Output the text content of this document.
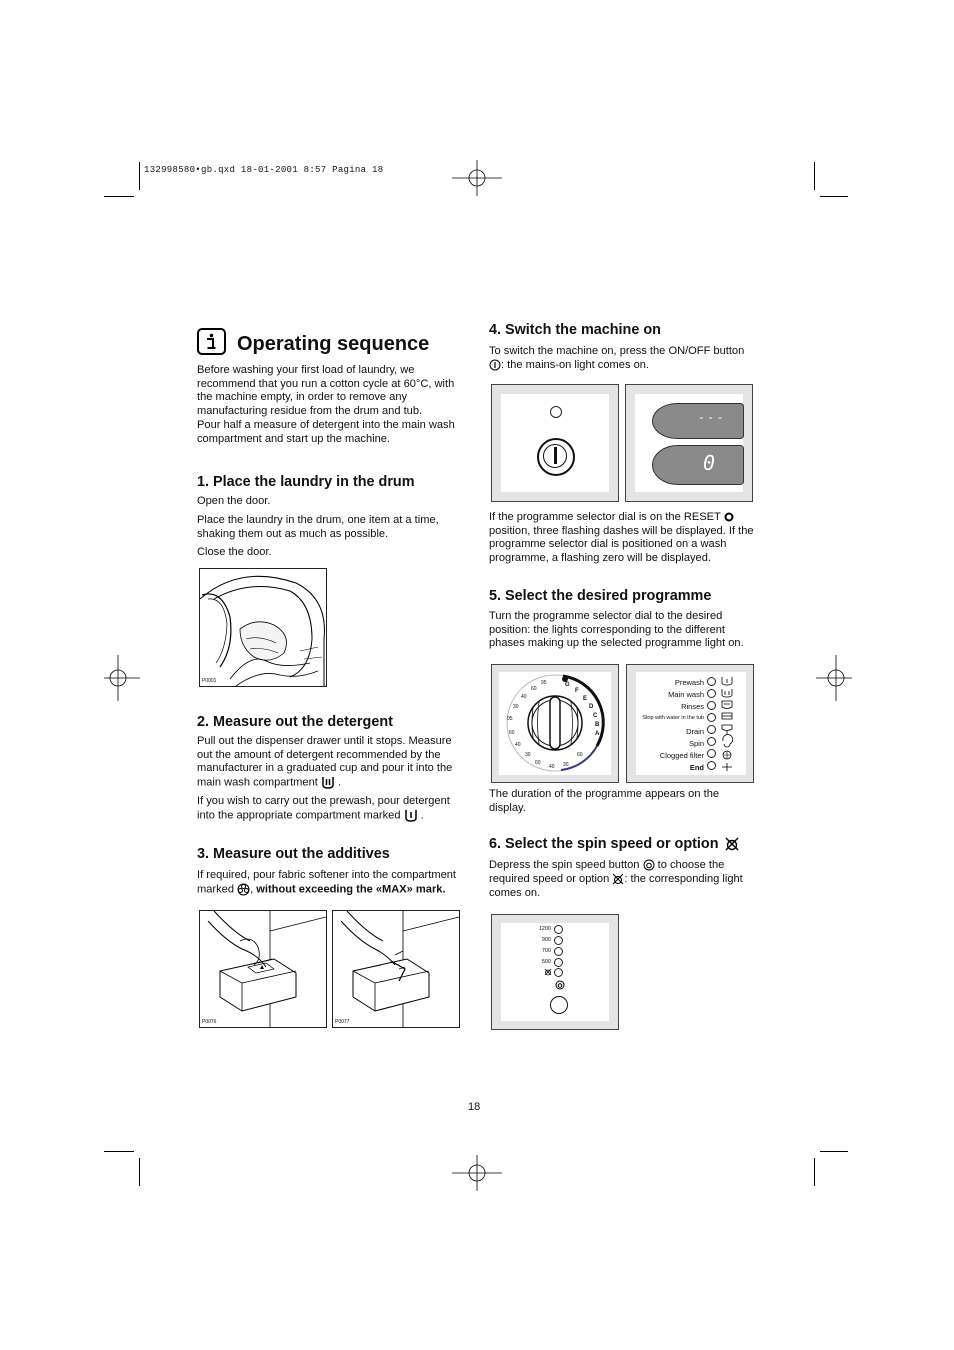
132998580•gb.qxd 18-01-2001 8:57 Pagina 18
Operating sequence

Before washing your first load of laundry, we recommend that you run a cotton cycle at 60°C, with the machine empty, in order to remove any manufacturing residue from the drum and tub.

Pour half a measure of detergent into the main wash compartment and start up the machine.

1. Place the laundry in the drum

Open the door.

Place the laundry in the drum, one item at a time, shaking them out as much as possible.

Close the door.

P0001
2. Measure out the detergent

Pull out the dispenser drawer until it stops. Measure out the amount of detergent recommended by the manufacturer in a graduated cup and pour it into the main wash compartment  .

If you wish to carry out the prewash, pour detergent into the appropriate compartment marked  .

3. Measure out the additives

If required, pour fabric softener into the compartment marked , without exceeding the «MAX» mark.

P0076	P0077
4. Switch the machine on

To switch the machine on, press the ON/OFF button
: the mains-on light comes on.

- - -
0

If the programme selector dial is on the RESET  position, three flashing dashes will be displayed. If the programme selector dial is positioned on a wash programme, a flashing zero will be displayed.

5. Select the desired programme

Turn the programme selector dial to the desired position: the lights corresponding to the different phases making up the selected programme light on.

G
F
E
D
C
B
A
95
60
40
30
95
60
40
30
60
40 30
60
Prewash
Main wash
Rinses
Stop with water in the tub
Drain
Spin
Clogged filter
End

The duration of the programme appears on the display.

6. Select the spin speed or option

Depress the spin speed button to choose the required speed or option : the corresponding light comes on.

1200
900
700
500
18
